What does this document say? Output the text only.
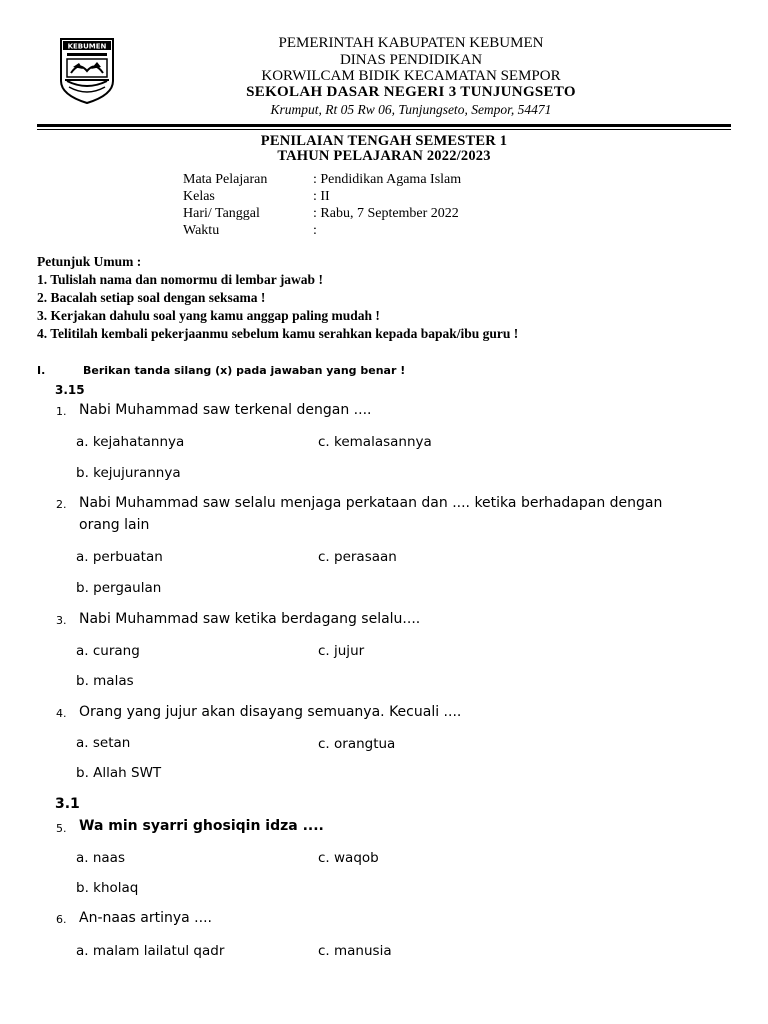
KEBUMEN	PEMERINTAH KABUPATEN KEBUMEN
DINAS PENDIDIKAN
KORWILCAM BIDIK KECAMATAN SEMPOR
SEKOLAH DASAR NEGERI 3 TUNJUNGSETO
Krumput, Rt 05 Rw 06, Tunjungseto, Sempor, 54471
PENILAIAN TENGAH SEMESTER 1
TAHUN PELAJARAN 2022/2023
Mata Pelajaran	: Pendidikan Agama Islam
Kelas	: II
Hari/ Tanggal	: Rabu, 7 September 2022
Waktu	:
Petunjuk Umum :
1. Tulislah nama dan nomormu di lembar jawab !
2. Bacalah setiap soal dengan seksama !
3. Kerjakan dahulu soal yang kamu anggap paling mudah !
4. Telitilah kembali pekerjaanmu sebelum kamu serahkan kepada bapak/ibu guru !
I.	Berikan tanda silang (x) pada jawaban yang benar !
3.15
1. Nabi Muhammad saw terkenal dengan ....
a. kejahatannya	c. kemalasannya
b. kejujurannya
2. Nabi Muhammad saw selalu menjaga perkataan dan .... ketika berhadapan dengan
orang lain
a. perbuatan	c. perasaan
b. pergaulan
3. Nabi Muhammad saw ketika berdagang selalu....
a. curang	c. jujur
b. malas
4. Orang yang jujur akan disayang semuanya. Kecuali ....
a. setan	c. orangtua
b. Allah SWT
3.1
5. Wa min syarri ghosiqin idza ....
a. naas	c. waqob
b. kholaq
6. An-naas artinya ....
a. malam lailatul qadr	c. manusia
